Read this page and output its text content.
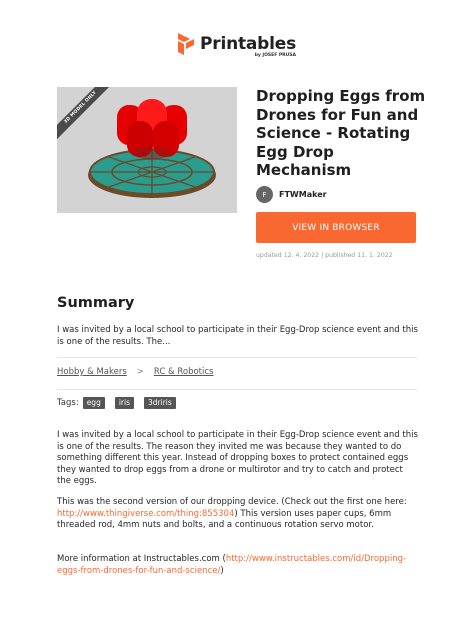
Printables
by JOSEF PRUSA
3D MODEL ONLY	Dropping Eggs from Drones for Fun and Science - Rotating Egg Drop Mechanism
F	FTWMaker
VIEW IN BROWSER
updated 12. 4. 2022 | published 11. 1. 2022
Summary
I was invited by a local school to participate in their Egg-Drop science event and this is one of the results. The...
Hobby & Makers > RC & Robotics
Tags:	egg	iris	3driris
I was invited by a local school to participate in their Egg-Drop science event and this is one of the results. The reason they invited me was because they wanted to do something different this year. Instead of dropping boxes to protect contained eggs they wanted to drop eggs from a drone or multirotor and try to catch and protect the eggs.
This was the second version of our dropping device. (Check out the first one here: http://www.thingiverse.com/thing:855304) This version uses paper cups, 6mm threaded rod, 4mm nuts and bolts, and a continuous rotation servo motor.
More information at Instructables.com (http://www.instructables.com/id/Dropping-eggs-from-drones-for-fun-and-science/)
